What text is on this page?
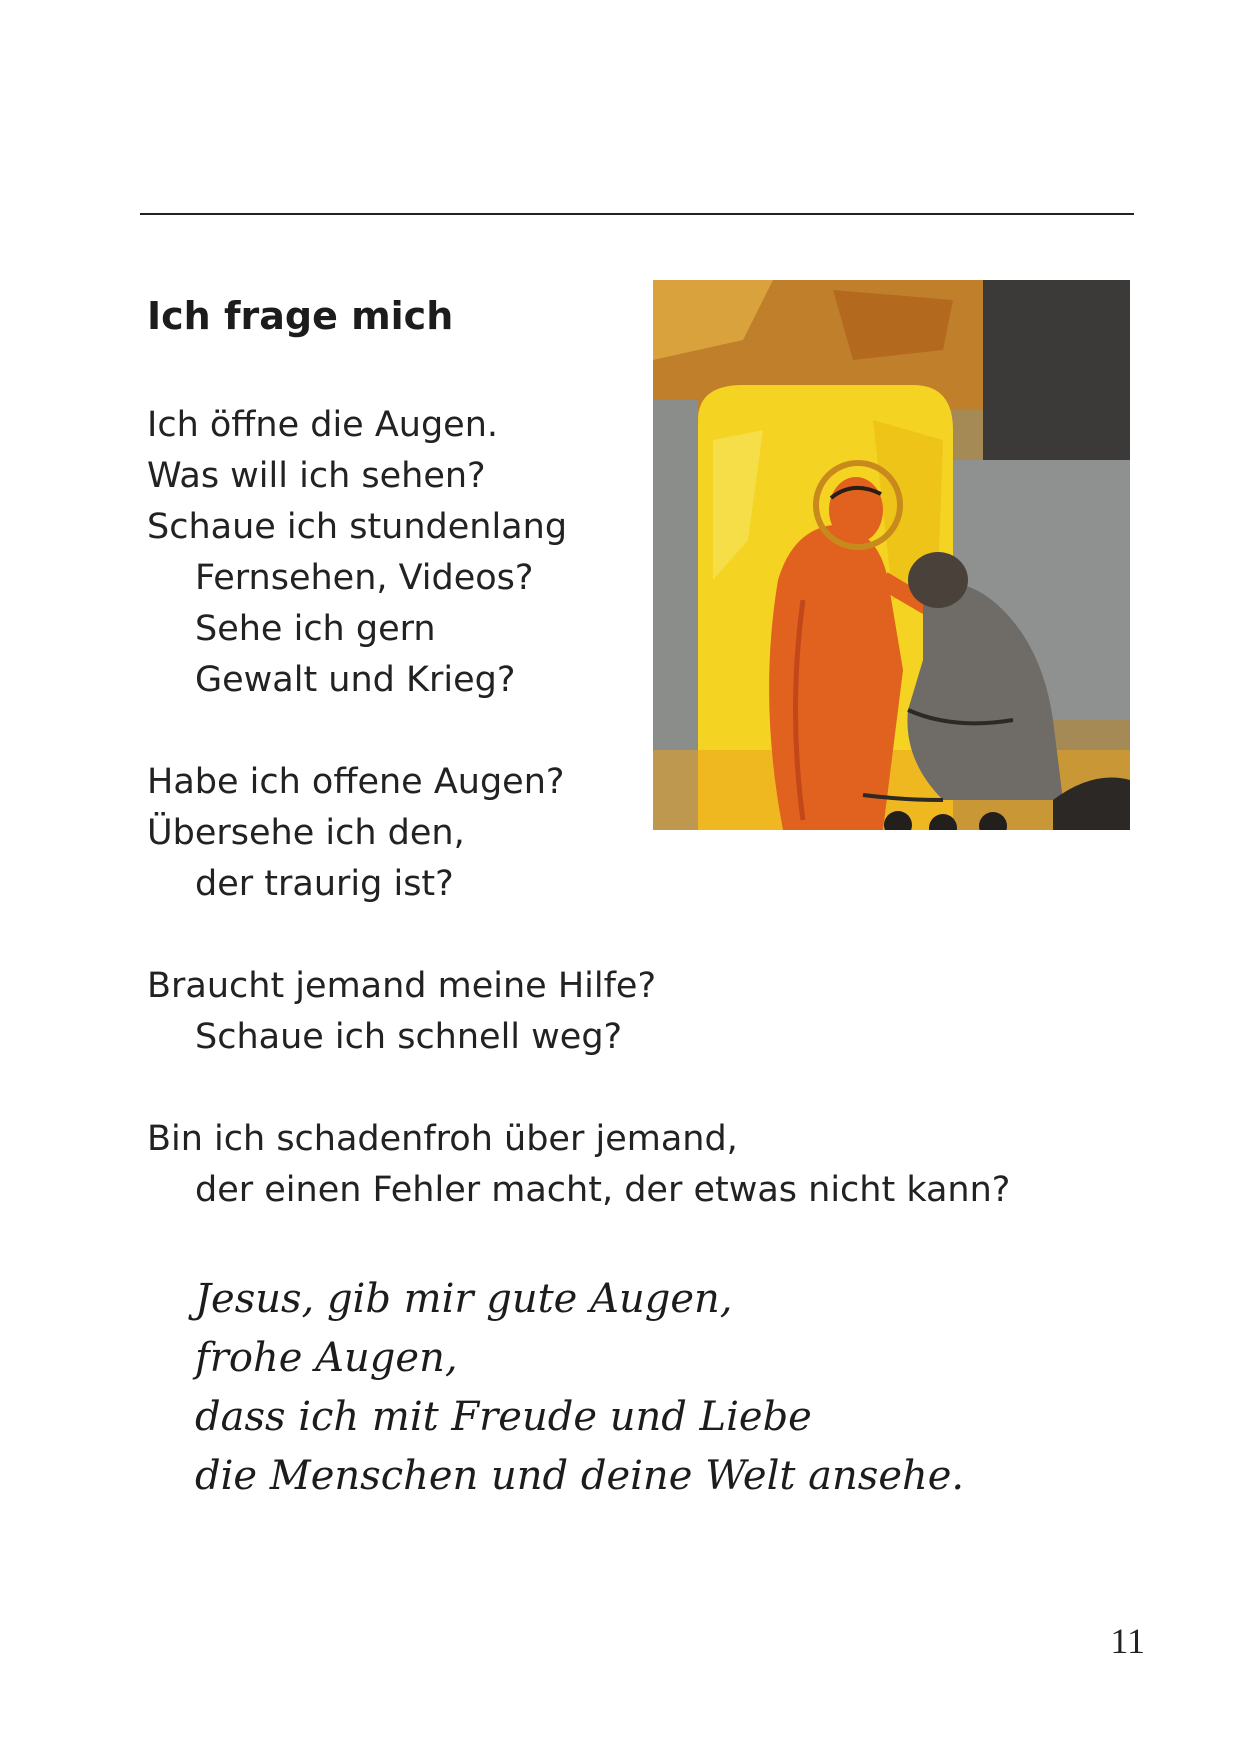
Ich frage mich
Ich öffne die Augen.
Was will ich sehen?
Schaue ich stundenlang
Fernsehen, Videos?
Sehe ich gern
Gewalt und Krieg?
Habe ich offene Augen?
Übersehe ich den,
der traurig ist?
Braucht jemand meine Hilfe?
Schaue ich schnell weg?
Bin ich schadenfroh über jemand,
der einen Fehler macht, der etwas nicht kann?
Jesus, gib mir gute Augen,
frohe Augen,
dass ich mit Freude und Liebe
die Menschen und deine Welt ansehe.
11
